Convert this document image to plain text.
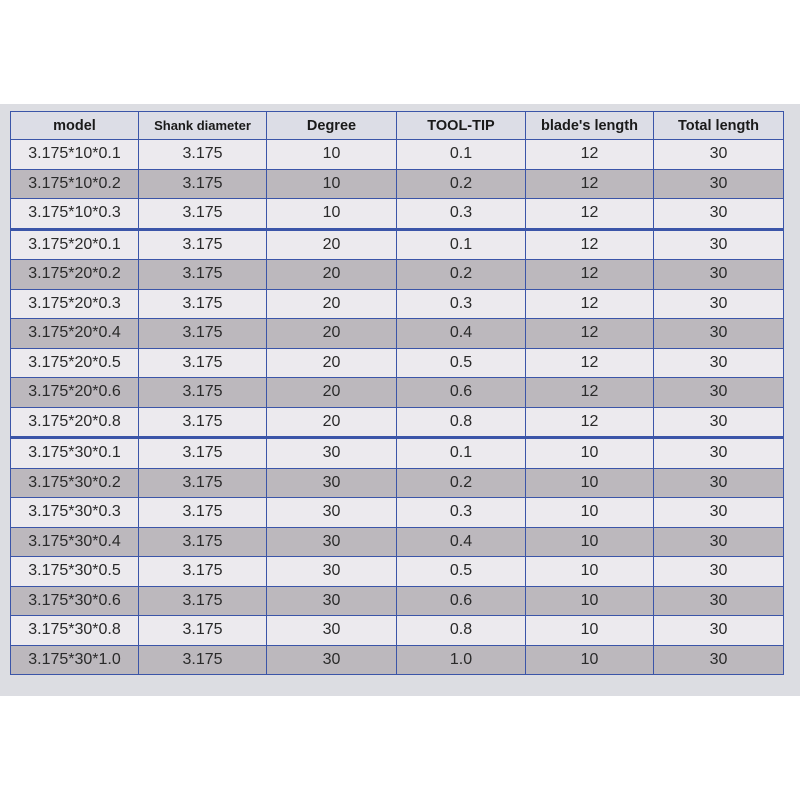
model	Shank diameter	Degree	TOOL-TIP	blade's length	Total length
3.175*10*0.1	3.175	10	0.1	12	30
3.175*10*0.2	3.175	10	0.2	12	30
3.175*10*0.3	3.175	10	0.3	12	30
3.175*20*0.1	3.175	20	0.1	12	30
3.175*20*0.2	3.175	20	0.2	12	30
3.175*20*0.3	3.175	20	0.3	12	30
3.175*20*0.4	3.175	20	0.4	12	30
3.175*20*0.5	3.175	20	0.5	12	30
3.175*20*0.6	3.175	20	0.6	12	30
3.175*20*0.8	3.175	20	0.8	12	30
3.175*30*0.1	3.175	30	0.1	10	30
3.175*30*0.2	3.175	30	0.2	10	30
3.175*30*0.3	3.175	30	0.3	10	30
3.175*30*0.4	3.175	30	0.4	10	30
3.175*30*0.5	3.175	30	0.5	10	30
3.175*30*0.6	3.175	30	0.6	10	30
3.175*30*0.8	3.175	30	0.8	10	30
3.175*30*1.0	3.175	30	1.0	10	30
